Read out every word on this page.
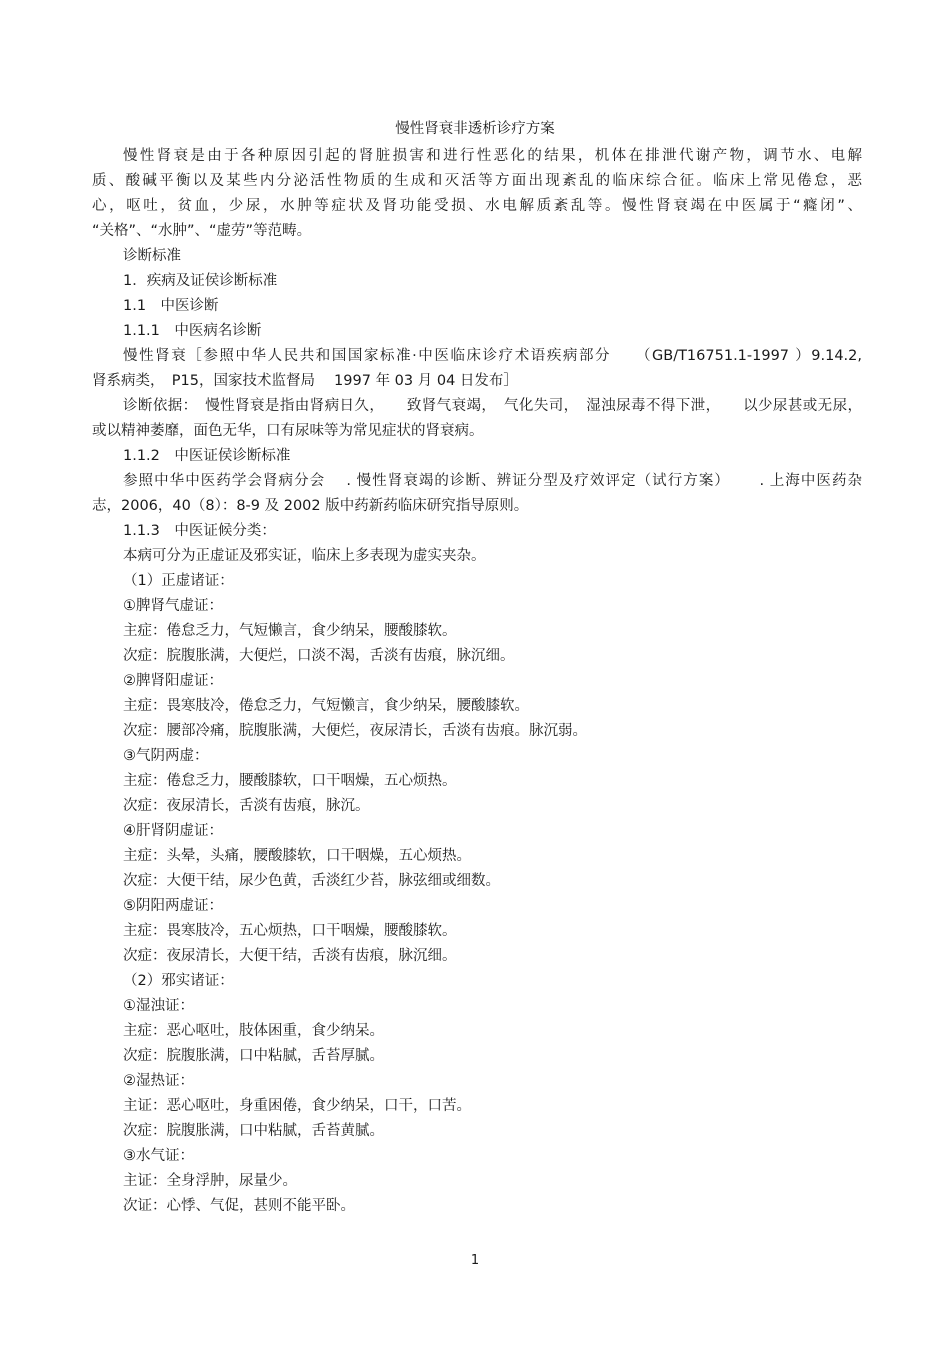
慢性肾衰非透析诊疗方案
慢性肾衰是由于各种原因引起的肾脏损害和进行性恶化的结果，机体在排泄代谢产物，调节水、电解
质、酸碱平衡以及某些内分泌活性物质的生成和灭活等方面出现紊乱的临床综合征。临床上常见倦怠，恶
心，呕吐，贫血，少尿，水肿等症状及肾功能受损、水电解质紊乱等。慢性肾衰竭在中医属于“癃闭”、
“关格”、“水肿”、“虚劳”等范畴。
诊断标准
1．疾病及证侯诊断标准
1.1　中医诊断
1.1.1　中医病名诊断
慢性肾衰［参照中华人民共和国国家标准·中医临床诊疗术语疾病部分　　（GB/T16751.1-1997 ）9.14.2,
肾系病类，　P15，国家技术监督局　 1997 年 03 月 04 日发布］
诊断依据：　慢性肾衰是指由肾病日久，　　致肾气衰竭，　气化失司，　湿浊尿毒不得下泄，　　以少尿甚或无尿，
或以精神萎靡，面色无华，口有尿味等为常见症状的肾衰病。
1.1.2　中医证侯诊断标准
参照中华中医药学会肾病分会　 . 慢性肾衰竭的诊断、辨证分型及疗效评定（试行方案）　　 . 上海中医药杂
志，2006，40（8）：8-9 及 2002 版中药新药临床研究指导原则。
1.1.3　中医证候分类：
本病可分为正虚证及邪实证，临床上多表现为虚实夹杂。
（1）正虚诸证：
①脾肾气虚证：
主症：倦怠乏力，气短懒言，食少纳呆，腰酸膝软。
次症：脘腹胀满，大便烂，口淡不渴，舌淡有齿痕，脉沉细。
②脾肾阳虚证：
主症：畏寒肢冷，倦怠乏力，气短懒言，食少纳呆，腰酸膝软。
次症：腰部冷痛，脘腹胀满，大便烂，夜尿清长，舌淡有齿痕。脉沉弱。
③气阴两虚：
主症：倦怠乏力，腰酸膝软，口干咽燥，五心烦热。
次症：夜尿清长，舌淡有齿痕，脉沉。
④肝肾阴虚证：
主症：头晕，头痛，腰酸膝软，口干咽燥，五心烦热。
次症：大便干结，尿少色黄，舌淡红少苔，脉弦细或细数。
⑤阴阳两虚证：
主症：畏寒肢冷，五心烦热，口干咽燥，腰酸膝软。
次症：夜尿清长，大便干结，舌淡有齿痕，脉沉细。
（2）邪实诸证：
①湿浊证：
主症：恶心呕吐，肢体困重，食少纳呆。
次症：脘腹胀满，口中粘腻，舌苔厚腻。
②湿热证：
主证：恶心呕吐，身重困倦，食少纳呆，口干，口苦。
次症：脘腹胀满，口中粘腻，舌苔黄腻。
③水气证：
主证：全身浮肿，尿量少。
次证：心悸、气促，甚则不能平卧。
1
